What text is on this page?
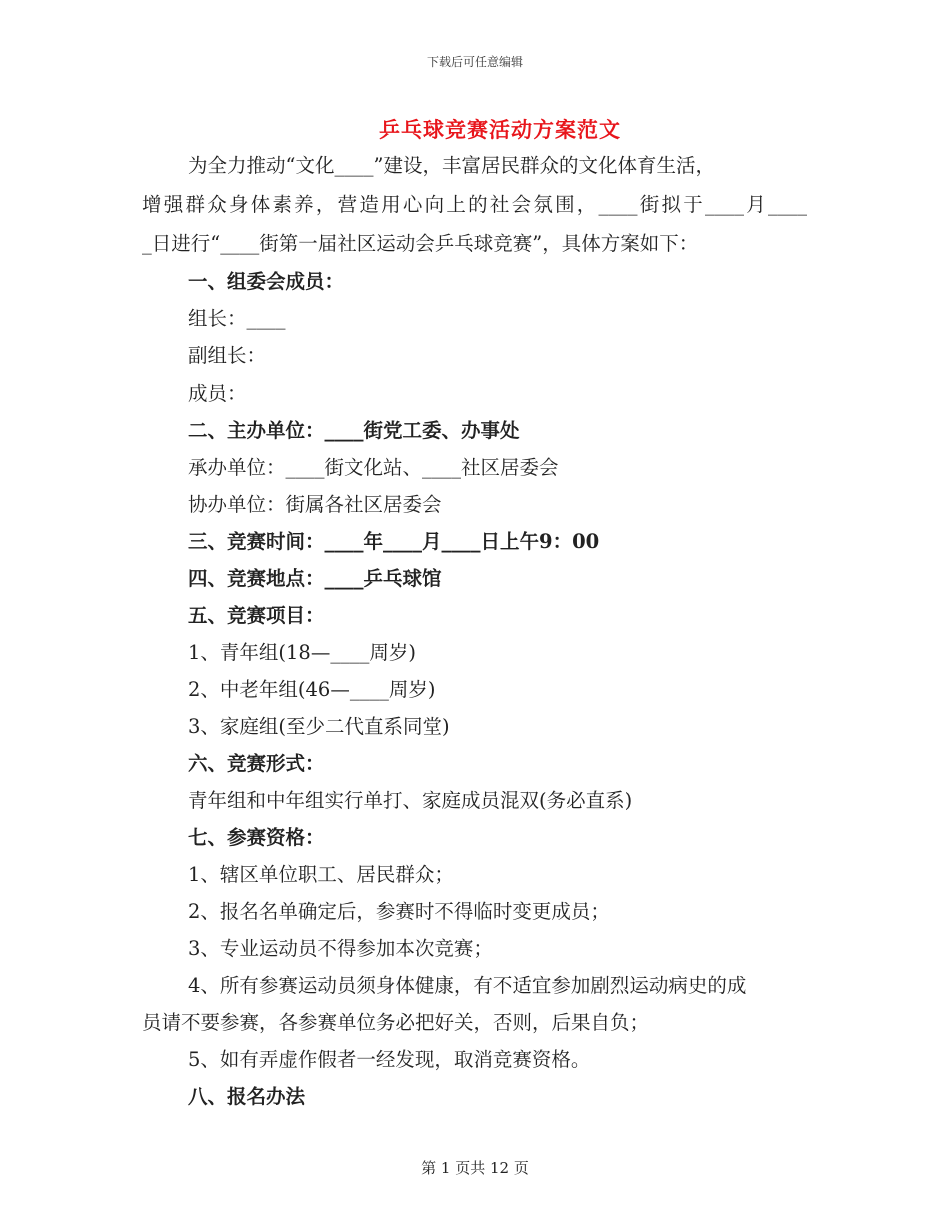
下载后可任意编辑
乒乓球竞赛活动方案范文
为全力推动“文化____”建设，丰富居民群众的文化体育生活，
增强群众身体素养，营造用心向上的社会氛围，____街拟于____月____
_日进行“____街第一届社区运动会乒乓球竞赛”，具体方案如下：
一、组委会成员：
组长：____
副组长：
成员：
二、主办单位：____街党工委、办事处
承办单位：____街文化站、____社区居委会
协办单位：街属各社区居委会
三、竞赛时间：____年____月____日上午9：00
四、竞赛地点：____乒乓球馆
五、竞赛项目：
1、青年组(18—____周岁)
2、中老年组(46—____周岁)
3、家庭组(至少二代直系同堂)
六、竞赛形式：
青年组和中年组实行单打、家庭成员混双(务必直系)
七、参赛资格：
1、辖区单位职工、居民群众；
2、报名名单确定后，参赛时不得临时变更成员；
3、专业运动员不得参加本次竞赛；
4、所有参赛运动员须身体健康，有不适宜参加剧烈运动病史的成
员请不要参赛，各参赛单位务必把好关，否则，后果自负；
5、如有弄虚作假者一经发现，取消竞赛资格。
八、报名办法
第 1 页共 12 页
